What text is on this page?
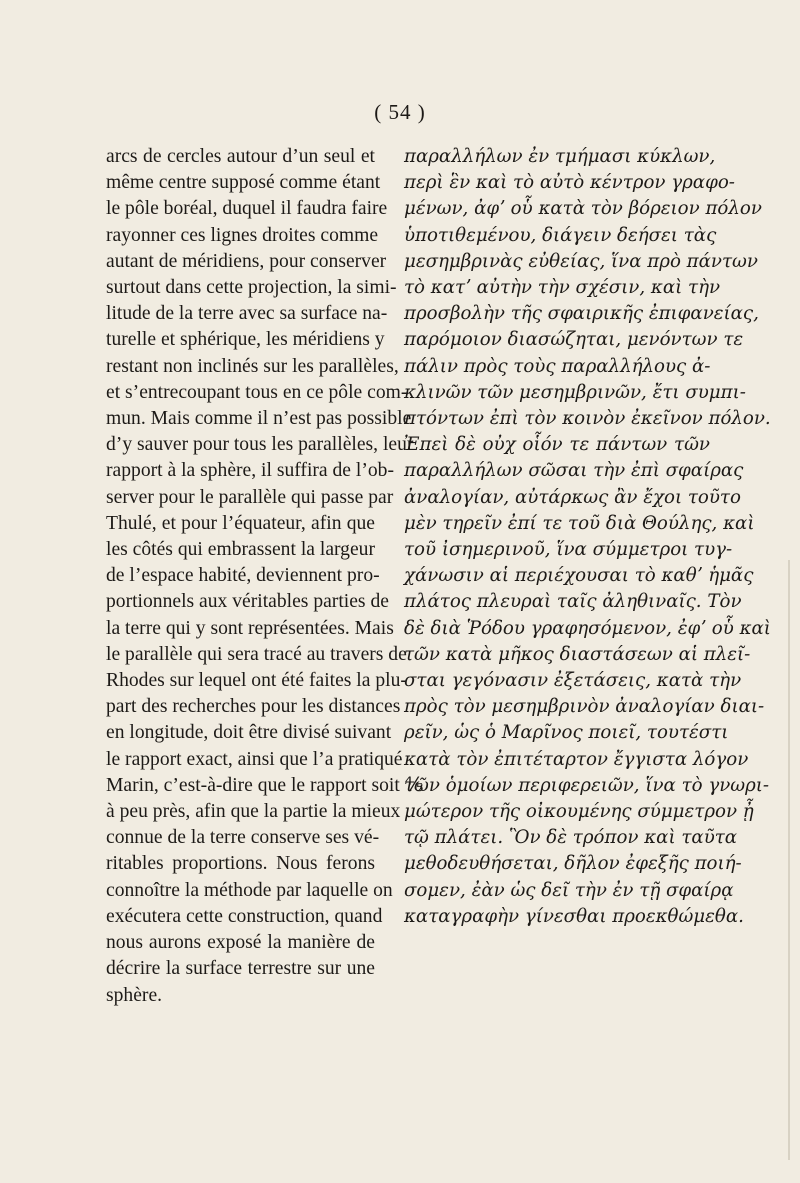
( 54 )
arcs de cercles autour d’un seul et
même centre supposé comme étant
le pôle boréal, duquel il faudra faire
rayonner ces lignes droites comme
autant de méridiens, pour conserver
surtout dans cette projection, la simi-
litude de la terre avec sa surface na-
turelle et sphérique, les méridiens y
restant non inclinés sur les parallèles,
et s’entrecoupant tous en ce pôle com-
mun. Mais comme il n’est pas possible
d’y sauver pour tous les parallèles, leur
rapport à la sphère, il suffira de l’ob-
server pour le parallèle qui passe par
Thulé, et pour l’équateur, afin que
les côtés qui embrassent la largeur
de l’espace habité, deviennent pro-
portionnels aux véritables parties de
la terre qui y sont représentées. Mais
le parallèle qui sera tracé au travers de
Rhodes sur lequel ont été faites la plu-
part des recherches pour les distances
en longitude, doit être divisé suivant
le rapport exact, ainsi que l’a pratiqué
Marin, c’est-à-dire que le rapport soit ⅘
à peu près, afin que la partie la mieux
connue de la terre conserve ses vé-
ritables proportions. Nous ferons
connoître la méthode par laquelle on
exécutera cette construction, quand
nous aurons exposé la manière de
décrire la surface terrestre sur une
sphère.
παραλλήλων ἐν τμήμασι κύκλων,
περὶ ἓν καὶ τὸ αὐτὸ κέντρον γραφο-
μένων, ἀφʼ οὗ κατὰ τὸν βόρειον πόλον
ὑποτιθεμένου, διάγειν δεήσει τὰς
μεσημβρινὰς εὐθείας, ἵνα πρὸ πάντων
τὸ κατʼ αὐτὴν τὴν σχέσιν, καὶ τὴν
προσβολὴν τῆς σφαιρικῆς ἐπιφανείας,
παρόμοιον διασώζηται, μενόντων τε
πάλιν πρὸς τοὺς παραλλήλους ἀ-
κλινῶν τῶν μεσημβρινῶν, ἔτι συμπι-
πτόντων ἐπὶ τὸν κοινὸν ἐκεῖνον πόλον.
Ἐπεὶ δὲ οὐχ οἷόν τε πάντων τῶν
παραλλήλων σῶσαι τὴν ἐπὶ σφαίρας
ἀναλογίαν, αὐτάρκως ἂν ἔχοι τοῦτο
μὲν τηρεῖν ἐπί τε τοῦ διὰ Θούλης, καὶ
τοῦ ἰσημερινοῦ, ἵνα σύμμετροι τυγ-
χάνωσιν αἱ περιέχουσαι τὸ καθʼ ἡμᾶς
πλάτος πλευραὶ ταῖς ἀληθιναῖς. Τὸν
δὲ διὰ Ῥόδου γραφησόμενον, ἐφʼ οὗ καὶ
τῶν κατὰ μῆκος διαστάσεων αἱ πλεῖ-
σται γεγόνασιν ἐξετάσεις, κατὰ τὴν
πρὸς τὸν μεσημβρινὸν ἀναλογίαν διαι-
ρεῖν, ὡς ὁ Μαρῖνος ποιεῖ, τουτέστι
κατὰ τὸν ἐπιτέταρτον ἔγγιστα λόγον
τῶν ὁμοίων περιφερειῶν, ἵνα τὸ γνωρι-
μώτερον τῆς οἰκουμένης σύμμετρον ᾖ
τῷ πλάτει. Ὃν δὲ τρόπον καὶ ταῦτα
μεθοδευθήσεται, δῆλον ἐφεξῆς ποιή-
σομεν, ἐὰν ὡς δεῖ τὴν ἐν τῇ σφαίρᾳ
καταγραφὴν γίνεσθαι προεκθώμεθα.
